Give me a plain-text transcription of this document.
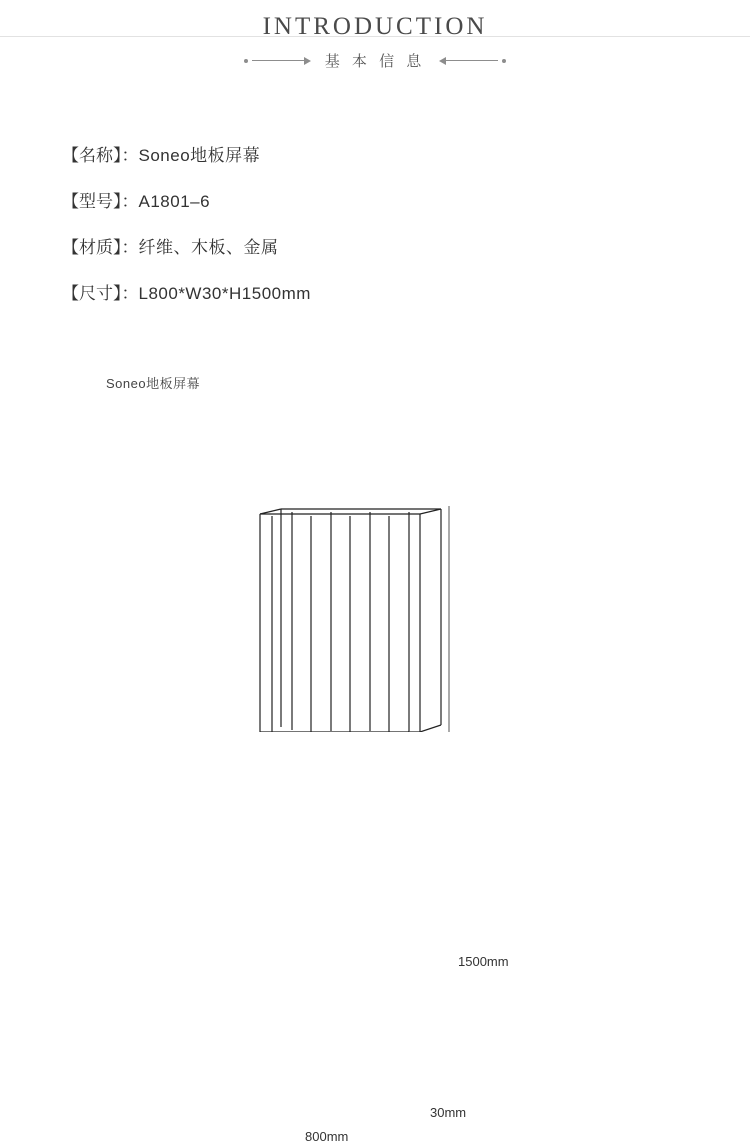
INTRODUCTION
基 本 信 息
【名称】：Soneo地板屏幕
【型号】：A1801–6
【材质】：纤维、木板、金属
【尺寸】：L800*W30*H1500mm
Soneo地板屏幕
1500mm
30mm
800mm
